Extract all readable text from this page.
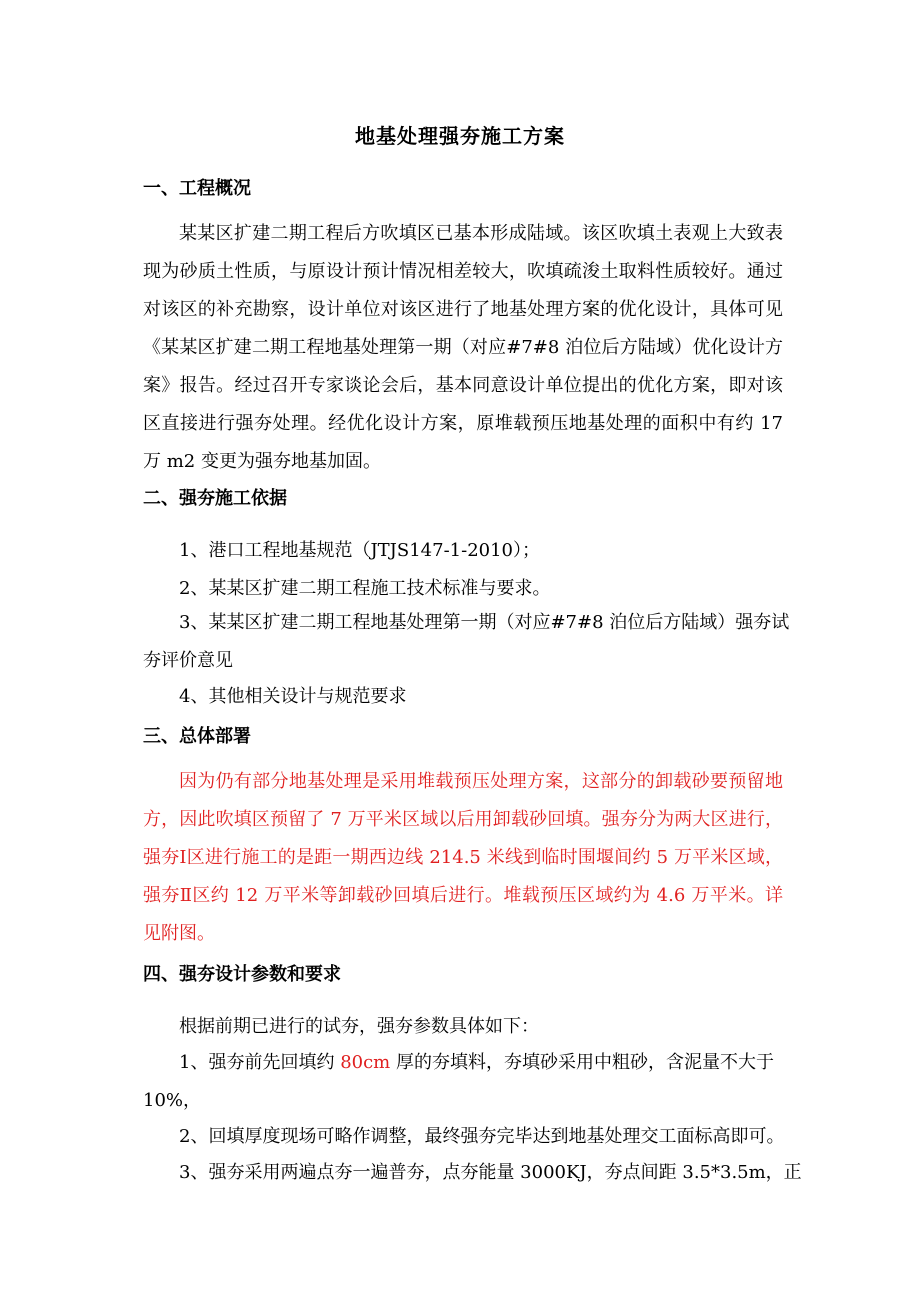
地基处理强夯施工方案
一、工程概况

某某区扩建二期工程后方吹填区已基本形成陆域。该区吹填土表观上大致表现为砂质土性质，与原设计预计情况相差较大，吹填疏浚土取料性质较好。通过对该区的补充勘察，设计单位对该区进行了地基处理方案的优化设计，具体可见《某某区扩建二期工程地基处理第一期（对应#7#8 泊位后方陆域）优化设计方案》报告。经过召开专家谈论会后，基本同意设计单位提出的优化方案，即对该区直接进行强夯处理。经优化设计方案，原堆载预压地基处理的面积中有约 17 万 m2 变更为强夯地基加固。

二、强夯施工依据
1、港口工程地基规范（JTJS147-1-2010）；
2、某某区扩建二期工程施工技术标准与要求。
3、某某区扩建二期工程地基处理第一期（对应#7#8 泊位后方陆域）强夯试
夯评价意见
4、其他相关设计与规范要求
三、总体部署

因为仍有部分地基处理是采用堆载预压处理方案，这部分的卸载砂要预留地方，因此吹填区预留了 7 万平米区域以后用卸载砂回填。强夯分为两大区进行，强夯Ⅰ区进行施工的是距一期西边线 214.5 米线到临时围堰间约 5 万平米区域，强夯Ⅱ区约 12 万平米等卸载砂回填后进行。堆载预压区域约为 4.6 万平米。详见附图。

四、强夯设计参数和要求
根据前期已进行的试夯，强夯参数具体如下：
1、强夯前先回填约 80cm 厚的夯填料，夯填砂采用中粗砂，含泥量不大于
10%，
2、回填厚度现场可略作调整，最终强夯完毕达到地基处理交工面标高即可。
3、强夯采用两遍点夯一遍普夯，点夯能量 3000KJ，夯点间距 3.5*3.5m，正
